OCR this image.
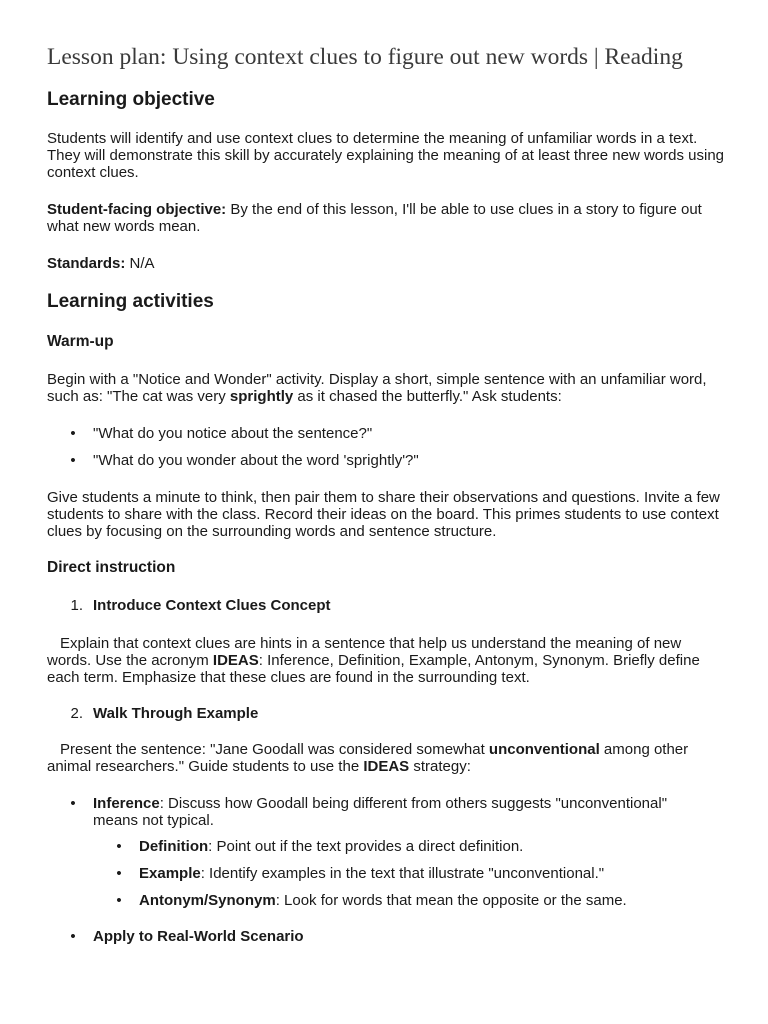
Lesson plan: Using context clues to figure out new words | Reading
Learning objective

Students will identify and use context clues to determine the meaning of unfamiliar words in a text. They will demonstrate this skill by accurately explaining the meaning of at least three new words using context clues.

Student-facing objective: By the end of this lesson, I'll be able to use clues in a story to figure out what new words mean.

Standards: N/A

Learning activities
Warm-up

Begin with a "Notice and Wonder" activity. Display a short, simple sentence with an unfamiliar word, such as: "The cat was very sprightly as it chased the butterfly." Ask students:

•	"What do you notice about the sentence?"
•	"What do you wonder about the word 'sprightly'?"

Give students a minute to think, then pair them to share their observations and questions. Invite a few students to share with the class. Record their ideas on the board. This primes students to use context clues by focusing on the surrounding words and sentence structure.

Direct instruction
1. Introduce Context Clues Concept

Explain that context clues are hints in a sentence that help us understand the meaning of new words. Use the acronym IDEAS: Inference, Definition, Example, Antonym, Synonym. Briefly define each term. Emphasize that these clues are found in the surrounding text.

2. Walk Through Example

Present the sentence: "Jane Goodall was considered somewhat unconventional among other animal researchers." Guide students to use the IDEAS strategy:

•	Inference: Discuss how Goodall being different from others suggests "unconventional" means not typical.
•	Definition: Point out if the text provides a direct definition.
•	Example: Identify examples in the text that illustrate "unconventional."
•	Antonym/Synonym: Look for words that mean the opposite or the same.
•	Apply to Real-World Scenario
